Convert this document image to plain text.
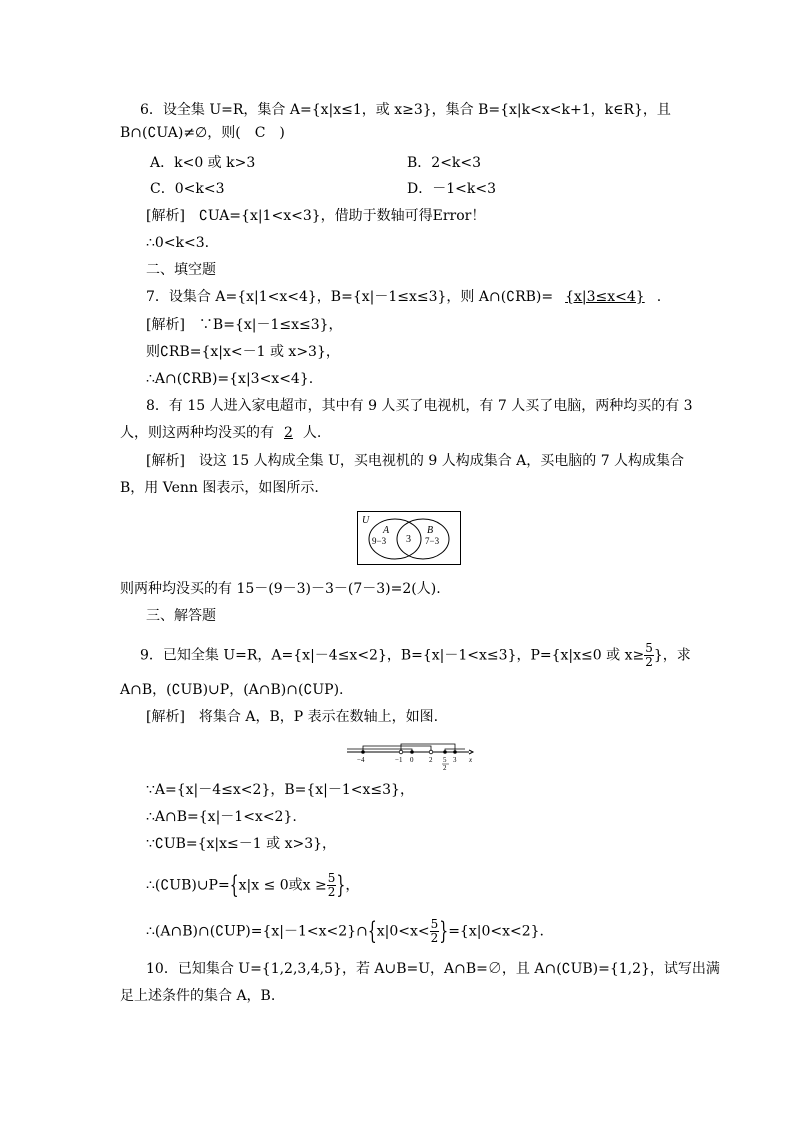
6．设全集 U=R，集合 A={x|x≤1，或 x≥3}，集合 B={x|k<x<k+1，k∈R}，且
B∩(∁UA)≠∅，则(　C　)
A．k<0 或 k>3	B．2<k<3
C．0<k<3	D．－1<k<3
[解析]　∁UA={x|1<x<3}，借助于数轴可得Error！
∴0<k<3.
二、填空题
7．设集合 A={x|1<x<4}，B={x|－1≤x≤3}，则 A∩(∁RB)= {x|3≤x<4} .
[解析]　∵B={x|－1≤x≤3}，
则∁RB={x|x<－1 或 x>3}，
∴A∩(∁RB)={x|3<x<4}.
8．有 15 人进入家电超市，其中有 9 人买了电视机，有 7 人买了电脑，两种均买的有 3
人，则这两种均没买的有 2 人.
[解析]　设这 15 人构成全集 U，买电视机的 9 人构成集合 A，买电脑的 7 人构成集合
B，用 Venn 图表示，如图所示.
U
A
9−3 3
B
7−3
则两种均没买的有 15－(9－3)－3－(7－3)=2(人).
三、解答题
9．已知全集 U=R，A={x|－4≤x<2}，B={x|－1<x≤3}，P={x|x≤0 或 $x\ge \frac{5}{2}$ }，求
A∩B，(∁UB)∪P，(A∩B)∩(∁UP).
[解析]　将集合 A，B，P 表示在数轴上，如图.
−4	−1 0 2 5
2
3 x
∵A={x|－4≤x<2}，B={x|－1<x≤3}，
∴A∩B={x|－1<x<2}.
∵∁UB={x|x≤－1 或 x>3}，
∴(∁UB)∪P={x|x ≤ 0或$x \ge \frac{5}{2}$ }，
∴(A∩B)∩(∁UP)={x|－1<x<2}∩{x|0<x< $\frac{5}{2} \}=\{x|0<x<2\}$.
10．已知集合 U={1,2,3,4,5}，若 A∪B=U，A∩B=∅，且 A∩(∁UB)={1,2}，试写出满
足上述条件的集合 A，B.
